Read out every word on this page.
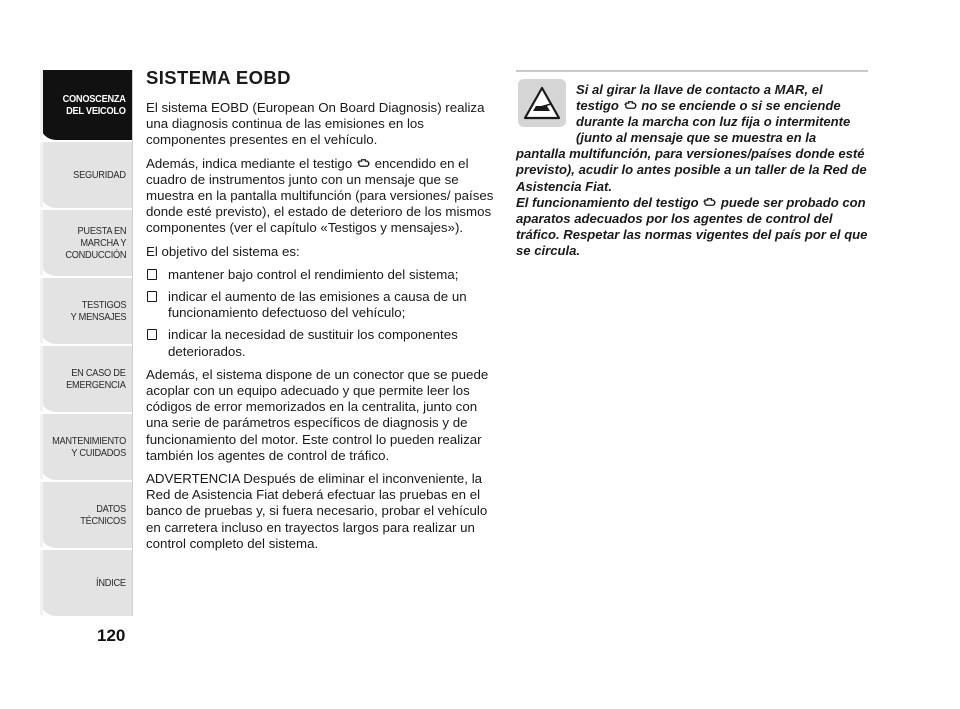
CONOSCENZA
DEL VEICOLO
SEGURIDAD
PUESTA EN
MARCHA Y
CONDUCCIÓN
TESTIGOS
Y MENSAJES
EN CASO DE
EMERGENCIA
MANTENIMIENTO
Y CUIDADOS
DATOS
TÉCNICOS
ÍNDICE
120
SISTEMA EOBD

El sistema EOBD (European On Board Diagnosis) realiza una diagnosis continua de las emisiones en los componentes presentes en el vehículo.

Además, indica mediante el testigo encendido en el cuadro de instrumentos junto con un mensaje que se muestra en la pantalla multifunción (para versiones/ países donde esté previsto), el estado de deterioro de los mismos componentes (ver el capítulo «Testigos y mensajes»).

El objetivo del sistema es:

mantener bajo control el rendimiento del sistema;
indicar el aumento de las emisiones a causa de un funcionamiento defectuoso del vehículo;
indicar la necesidad de sustituir los componentes deteriorados.

Además, el sistema dispone de un conector que se puede acoplar con un equipo adecuado y que permite leer los códigos de error memorizados en la centralita, junto con una serie de parámetros específicos de diagnosis y de funcionamiento del motor. Este control lo pueden realizar también los agentes de control de tráfico.

ADVERTENCIA Después de eliminar el inconveniente, la Red de Asistencia Fiat deberá efectuar las pruebas en el banco de pruebas y, si fuera necesario, probar el vehículo en carretera incluso en trayectos largos para realizar un control completo del sistema.

Si al girar la llave de contacto a MAR, el testigo no se enciende o si se enciende durante la marcha con luz fija o intermitente (junto al mensaje que se muestra en la pantalla multifunción, para versiones/países donde esté previsto), acudir lo antes posible a un taller de la Red de Asistencia Fiat.
El funcionamiento del testigo puede ser probado con aparatos adecuados por los agentes de control del tráfico. Respetar las normas vigentes del país por el que se circula.
